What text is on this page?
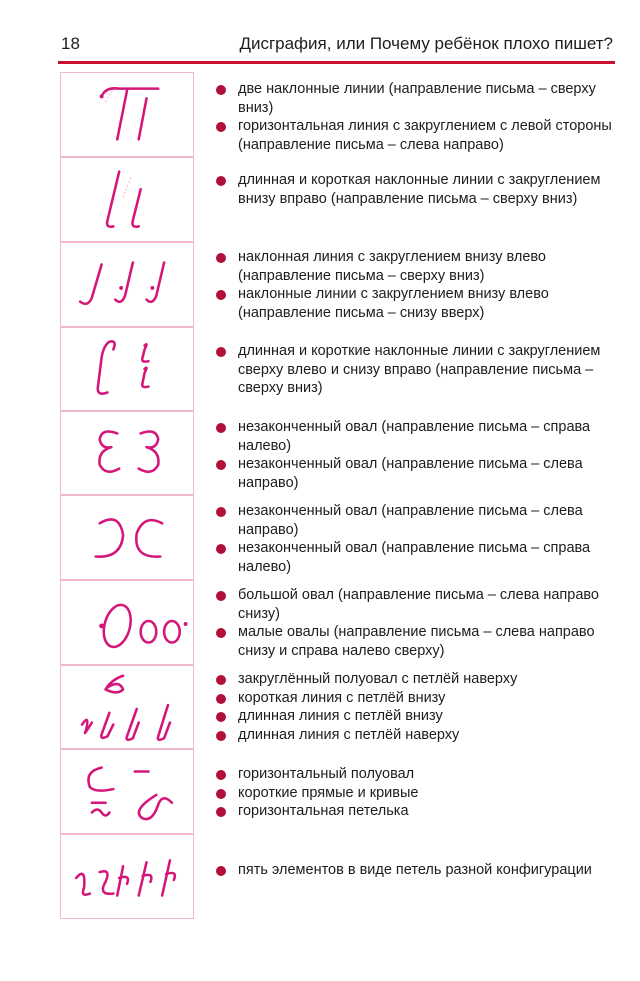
18	Дисграфия, или Почему ребёнок плохо пишет?
две наклонные линии (направление письма – сверху вниз)
горизонтальная линия с закруглением с левой стороны (направление письма – слева направо)
длинная и короткая наклонные линии с закруглением внизу вправо (направление письма – сверху вниз)
наклонная линия с закруглением внизу влево (направление письма – сверху вниз)
наклонные линии с закруглением внизу влево (направление письма – снизу вверх)
длинная и короткие наклонные линии с закруглением сверху влево и снизу вправо (направление письма – сверху вниз)
незаконченный овал (направление письма – справа налево)
незаконченный овал (направление письма – слева направо)
незаконченный овал (направление письма – слева направо)
незаконченный овал (направление письма – справа налево)
большой овал (направление письма – слева направо снизу)
малые овалы (направление письма – слева направо снизу и справа налево сверху)
закруглённый полуовал с петлёй наверху
короткая линия с петлёй внизу
длинная линия с петлёй внизу
длинная линия с петлёй наверху
горизонтальный полуовал
короткие прямые и кривые
горизонтальная петелька
пять элементов в виде петель разной конфигурации
